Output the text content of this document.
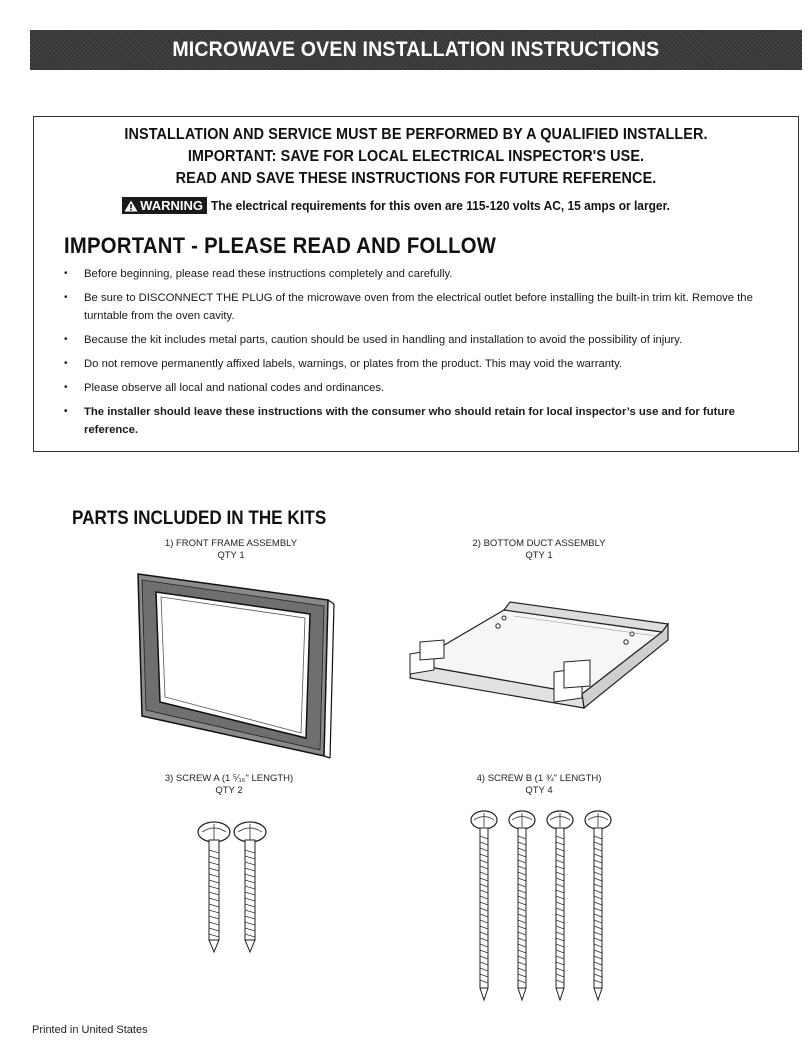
MICROWAVE OVEN INSTALLATION INSTRUCTIONS
INSTALLATION AND SERVICE MUST BE PERFORMED BY A QUALIFIED INSTALLER.
IMPORTANT: SAVE FOR LOCAL ELECTRICAL INSPECTOR'S USE.
READ AND SAVE THESE INSTRUCTIONS FOR FUTURE REFERENCE.
WARNING The electrical requirements for this oven are 115-120 volts AC, 15 amps or larger.
IMPORTANT - PLEASE READ AND FOLLOW
• Before beginning, please read these instructions completely and carefully.
• Be sure to DISCONNECT THE PLUG of the microwave oven from the electrical outlet before installing the built-in trim kit. Remove the turntable from the oven cavity.
• Because the kit includes metal parts, caution should be used in handling and installation to avoid the possibility of injury.
• Do not remove permanently affixed labels, warnings, or plates from the product. This may void the warranty.
• Please observe all local and national codes and ordinances.
• The installer should leave these instructions with the consumer who should retain for local inspector’s use and for future reference.
PARTS INCLUDED IN THE KITS
1) FRONT FRAME ASSEMBLY
QTY 1
2) BOTTOM DUCT ASSEMBLY
QTY 1
3) SCREW A (1 ⁵⁄₁₆" LENGTH)
QTY 2
4) SCREW B (1 ¾" LENGTH)
QTY 4
Printed in United States
